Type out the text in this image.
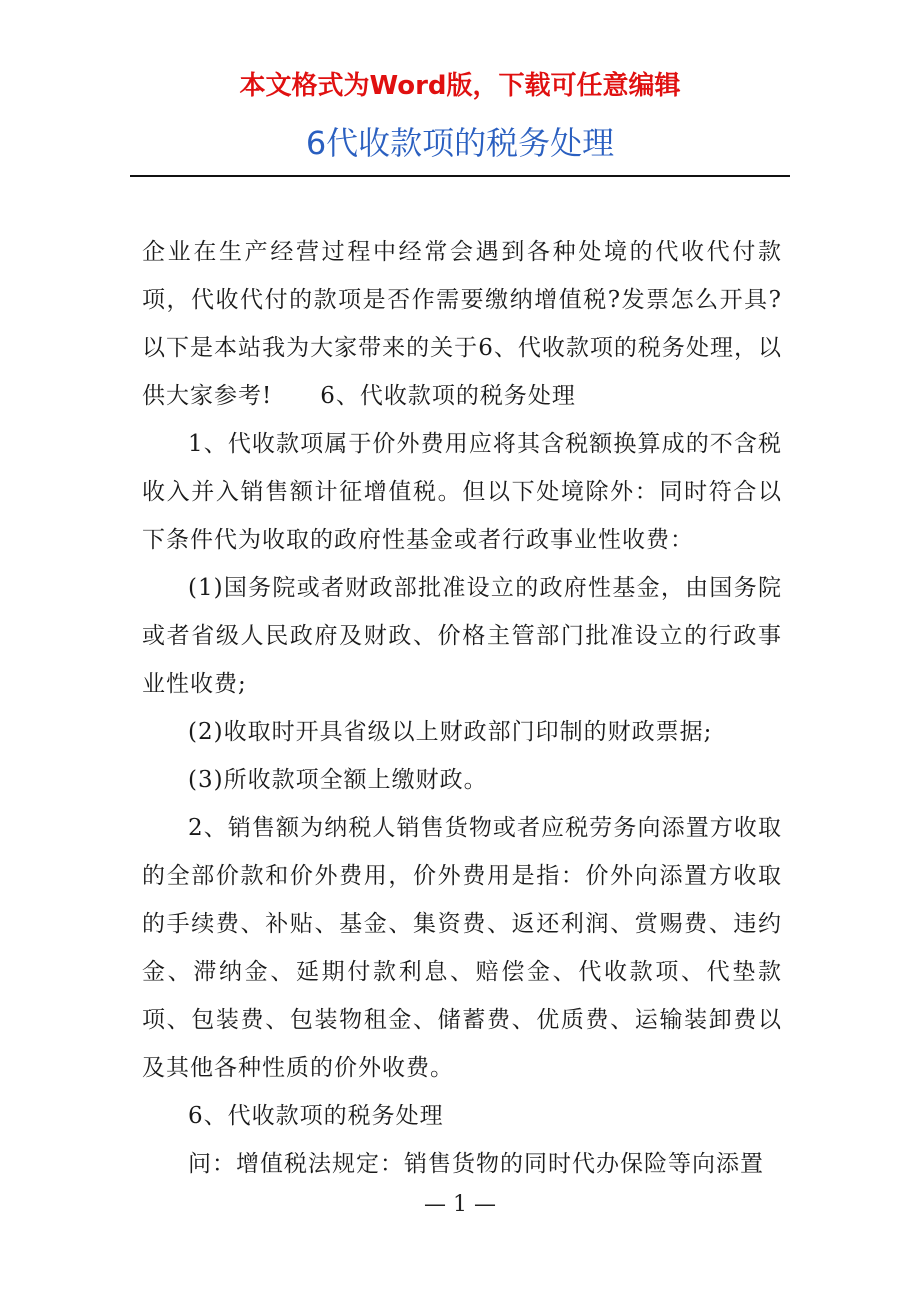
本文格式为Word版，下载可任意编辑
6代收款项的税务处理

企业在生产经营过程中经常会遇到各种处境的代收代付款项，代收代付的款项是否作需要缴纳增值税?发票怎么开具?以下是本站我为大家带来的关于6、代收款项的税务处理，以供大家参考!　　6、代收款项的税务处理

1、代收款项属于价外费用应将其含税额换算成的不含税收入并入销售额计征增值税。但以下处境除外：同时符合以下条件代为收取的政府性基金或者行政事业性收费：

(1)国务院或者财政部批准设立的政府性基金，由国务院或者省级人民政府及财政、价格主管部门批准设立的行政事业性收费;

(2)收取时开具省级以上财政部门印制的财政票据;

(3)所收款项全额上缴财政。

2、销售额为纳税人销售货物或者应税劳务向添置方收取的全部价款和价外费用，价外费用是指：价外向添置方收取的手续费、补贴、基金、集资费、返还利润、赏赐费、违约金、滞纳金、延期付款利息、赔偿金、代收款项、代垫款项、包装费、包装物租金、储蓄费、优质费、运输装卸费以及其他各种性质的价外收费。

6、代收款项的税务处理

问：增值税法规定：销售货物的同时代办保险等向添置

— 1 —
